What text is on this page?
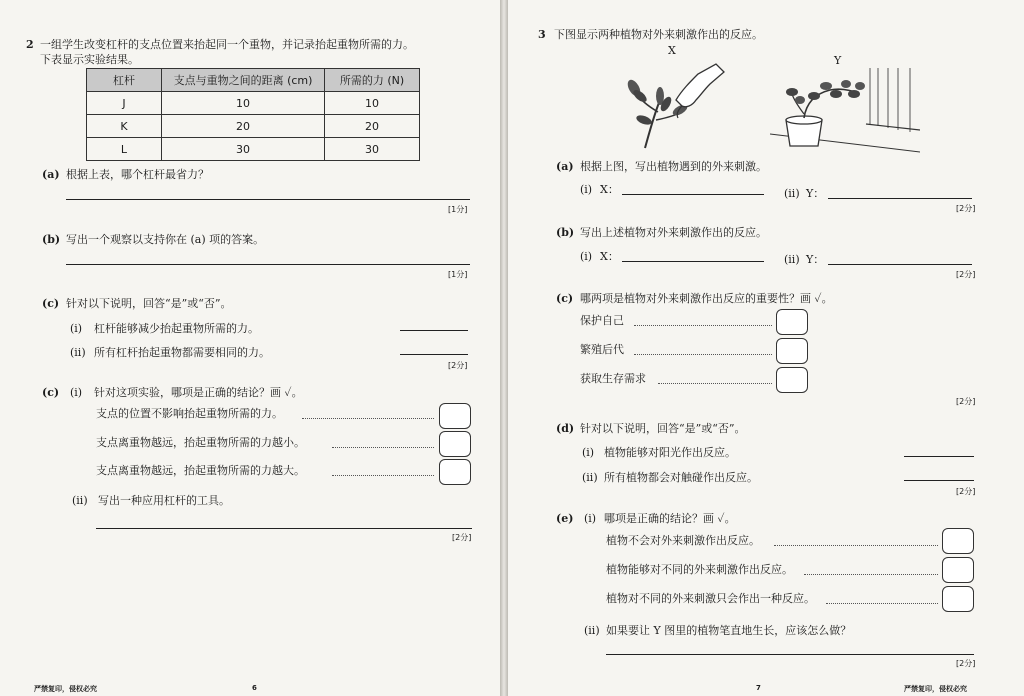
2 一组学生改变杠杆的支点位置来抬起同一个重物，并记录抬起重物所需的力。
下表显示实验结果。
杠杆	支点与重物之间的距离 (cm)	所需的力 (N)
J	10	10
K	20	20
L	30	30
(a) 根据上表，哪个杠杆最省力？
[1分]
(b) 写出一个观察以支持你在 (a) 项的答案。
[1分]
(c) 针对以下说明，回答“是”或“否”。
(i) 杠杆能够减少抬起重物所需的力。
(ii) 所有杠杆抬起重物都需要相同的力。
[2分]
(c) (i) 针对这项实验，哪项是正确的结论？画 ✓。
支点的位置不影响抬起重物所需的力。
支点离重物越远，抬起重物所需的力越小。
支点离重物越远，抬起重物所需的力越大。
(ii) 写出一种应用杠杆的工具。
[2分]
严禁复印，侵权必究	6
3 下图显示两种植物对外来刺激作出的反应。
X
Y
(a) 根据上图，写出植物遇到的外来刺激。
(i) X：	(ii) Y：
[2分]
(b) 写出上述植物对外来刺激作出的反应。
(i) X：	(ii) Y：
[2分]
(c) 哪两项是植物对外来刺激作出反应的重要性？画 ✓。
保护自己
繁殖后代
获取生存需求
[2分]
(d) 针对以下说明，回答“是”或“否”。
(i) 植物能够对阳光作出反应。
(ii) 所有植物都会对触碰作出反应。
[2分]
(e) (i) 哪项是正确的结论？画 ✓。
植物不会对外来刺激作出反应。
植物能够对不同的外来刺激作出反应。
植物对不同的外来刺激只会作出一种反应。
(ii) 如果要让 Y 图里的植物笔直地生长，应该怎么做？
[2分]
7	严禁复印，侵权必究
